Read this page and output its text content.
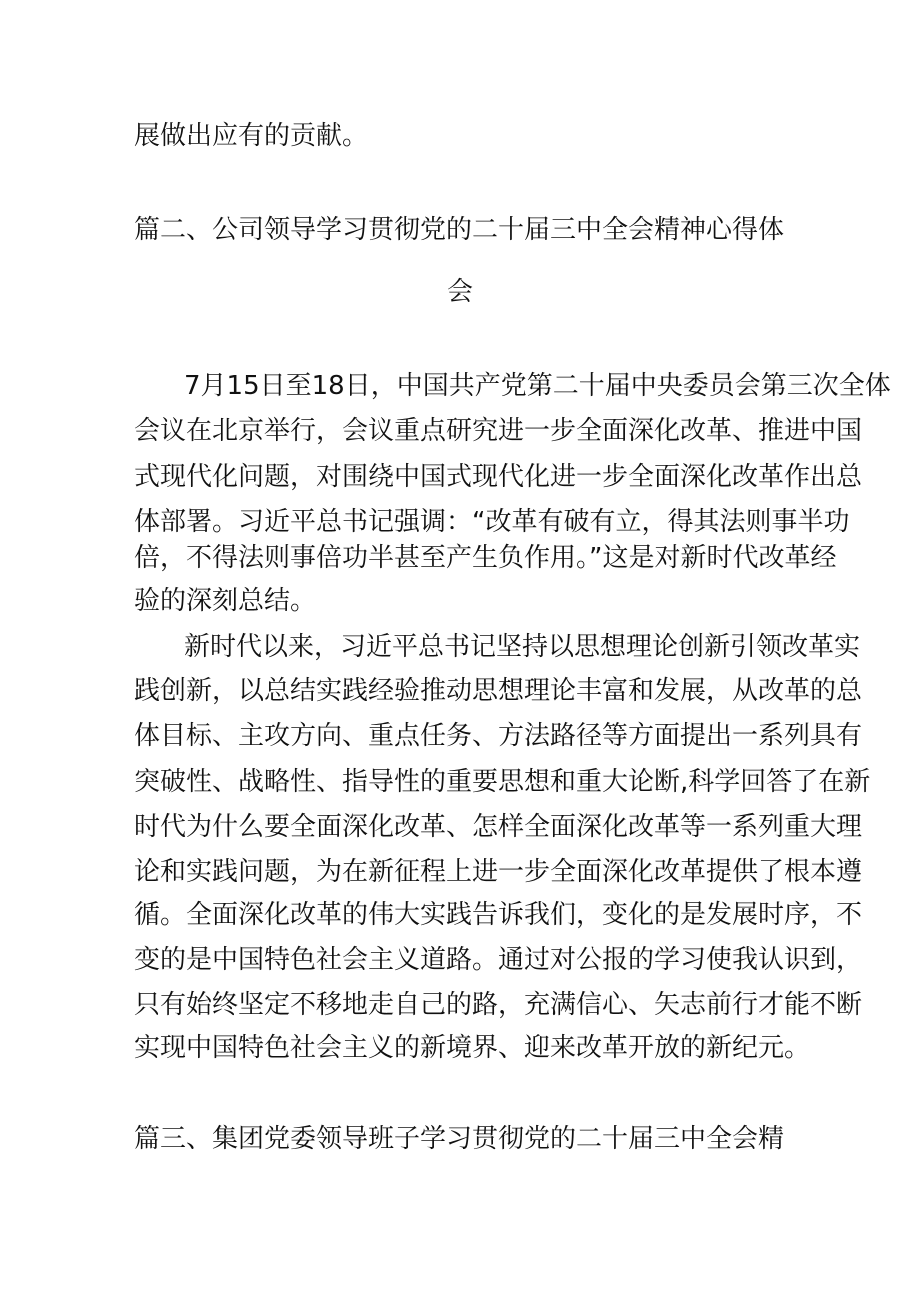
展做出应有的贡献。
篇二、公司领导学习贯彻党的二十届三中全会精神心得体
会
7月15日至18日，中国共产党第二十届中央委员会第三次全体
会议在北京举行，会议重点研究进一步全面深化改革、推进中国
式现代化问题，对围绕中国式现代化进一步全面深化改革作出总
体部署。习近平总书记强调：“改革有破有立，得其法则事半功
倍，不得法则事倍功半甚至产生负作用。”这是对新时代改革经
验的深刻总结。
新时代以来，习近平总书记坚持以思想理论创新引领改革实
践创新，以总结实践经验推动思想理论丰富和发展，从改革的总
体目标、主攻方向、重点任务、方法路径等方面提出一系列具有
突破性、战略性、指导性的重要思想和重大论断,科学回答了在新
时代为什么要全面深化改革、怎样全面深化改革等一系列重大理
论和实践问题，为在新征程上进一步全面深化改革提供了根本遵
循。全面深化改革的伟大实践告诉我们，变化的是发展时序，不
变的是中国特色社会主义道路。通过对公报的学习使我认识到，
只有始终坚定不移地走自己的路，充满信心、矢志前行才能不断
实现中国特色社会主义的新境界、迎来改革开放的新纪元。
篇三、集团党委领导班子学习贯彻党的二十届三中全会精
